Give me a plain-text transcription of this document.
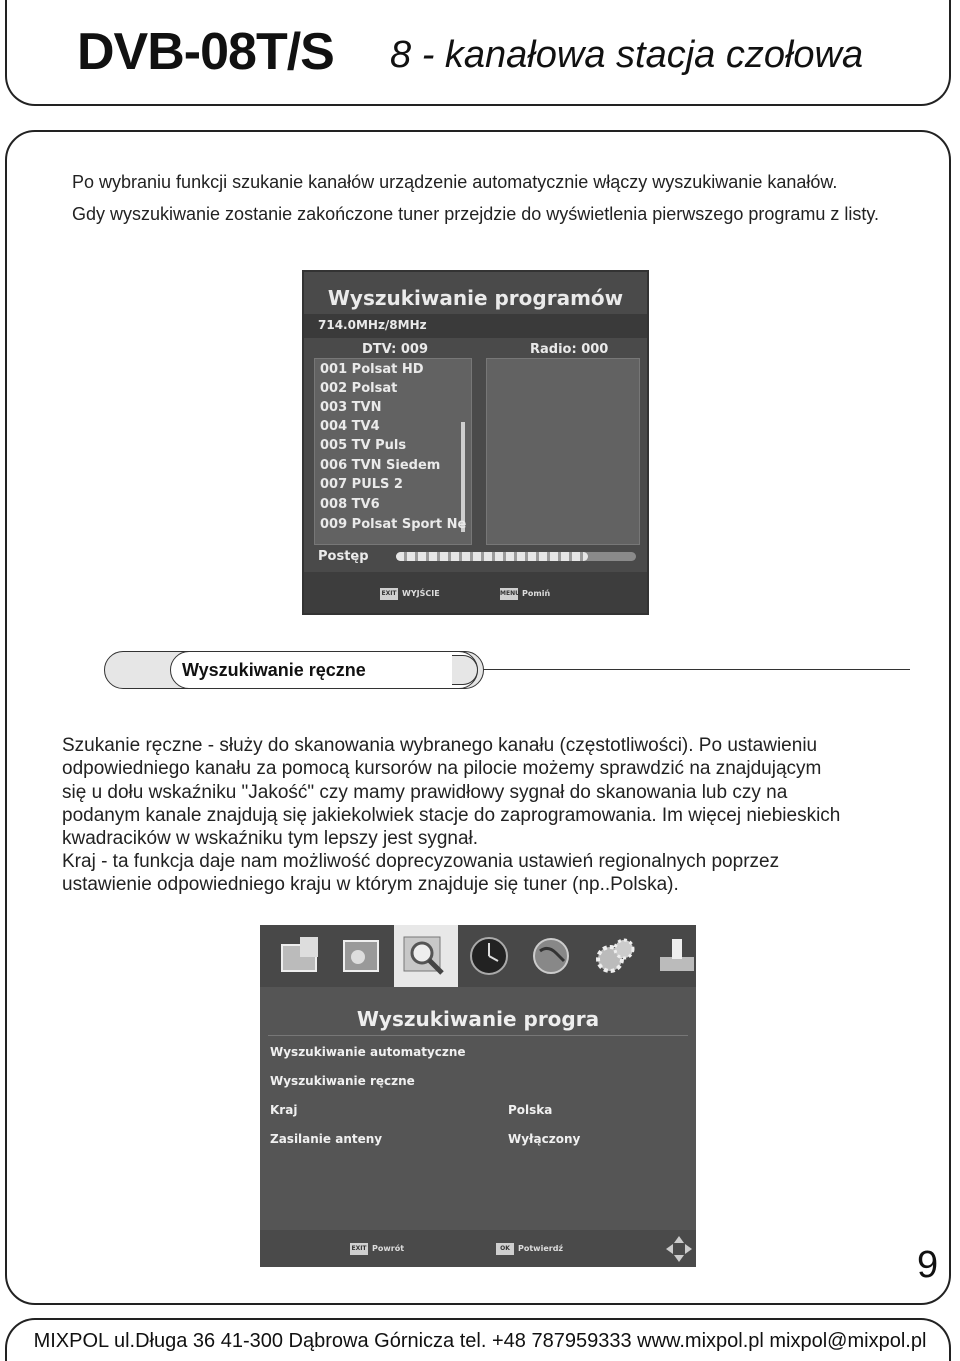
DVB-08T/S 8 - kanałowa stacja czołowa
Po wybraniu funkcji szukanie kanałów urządzenie automatycznie włączy wyszukiwanie kanałów.
Gdy wyszukiwanie zostanie zakończone tuner przejdzie do wyświetlenia pierwszego programu z listy.
Wyszukiwanie programów
714.0MHz/8MHz
DTV: 009	Radio: 000
001 Polsat HD
002 Polsat
003 TVN
004 TV4
005 TV Puls
006 TVN Siedem
007 PULS 2
008 TV6
009 Polsat Sport Ne
Postęp
EXIT WYJŚCIE	MENU Pomiń
Wyszukiwanie ręczne
Szukanie ręczne - służy do skanowania wybranego kanału (częstotliwości). Po ustawieniu
odpowiedniego kanału za pomocą kursorów na pilocie możemy sprawdzić na znajdującym
się u dołu wskaźniku "Jakość" czy mamy prawidłowy sygnał do skanowania lub czy na
podanym kanale znajdują się jakiekolwiek stacje do zaprogramowania. Im więcej niebieskich
kwadracików w wskaźniku tym lepszy jest sygnał.
Kraj - ta funkcja daje nam możliwość doprecyzowania ustawień regionalnych poprzez
ustawienie odpowiedniego kraju w którym znajduje się tuner (np..Polska).
Wyszukiwanie progra
Wyszukiwanie automatyczne
Wyszukiwanie ręczne
Kraj	Polska
Zasilanie anteny	Wyłączony
EXIT Powrót	OK	Potwierdź	9
MIXPOL ul.Długa 36 41-300 Dąbrowa Górnicza tel. +48 787959333 www.mixpol.pl mixpol@mixpol.pl
